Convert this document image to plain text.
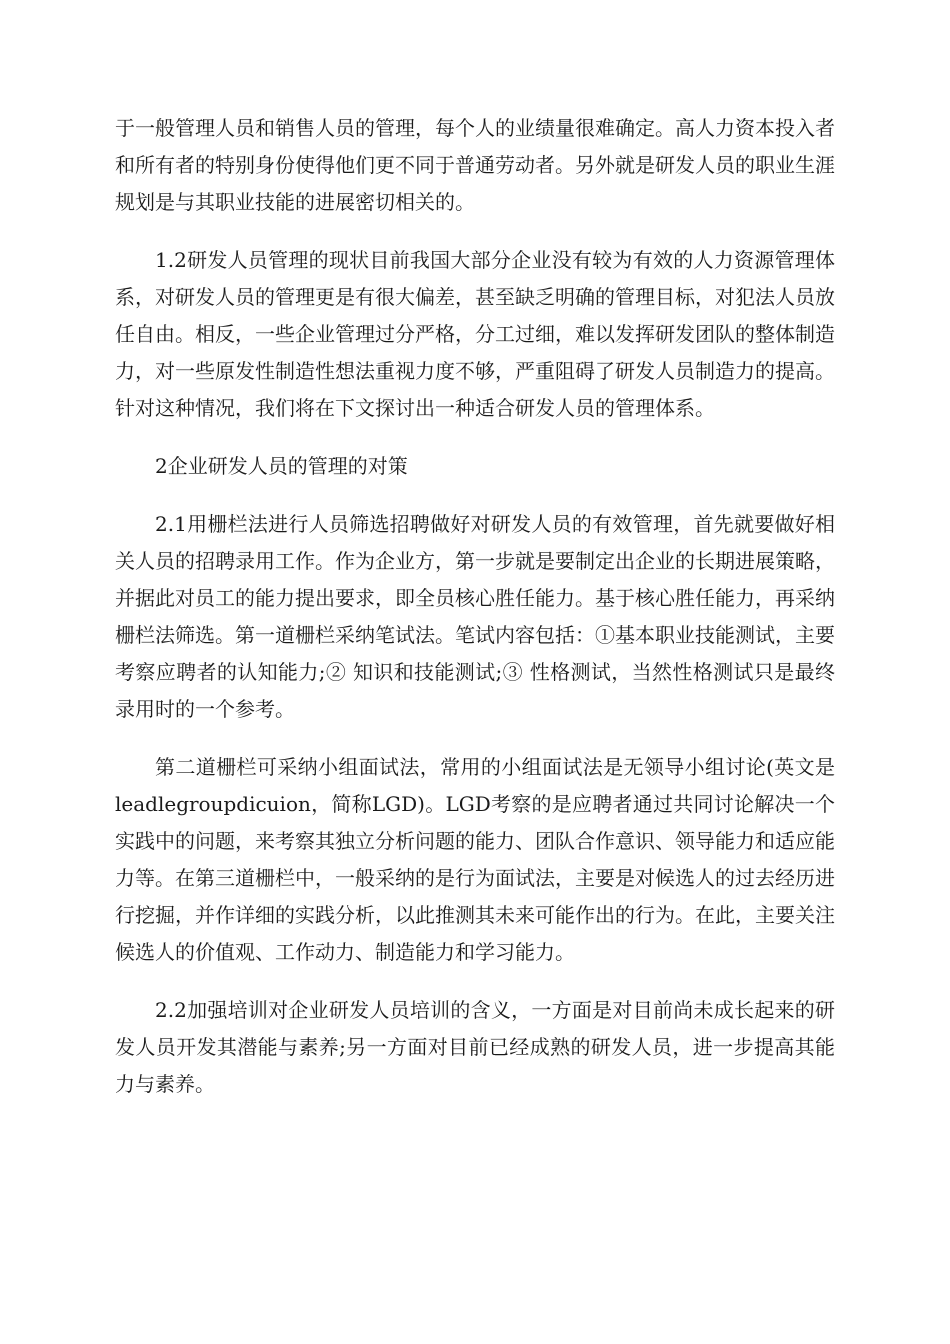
于一般管理人员和销售人员的管理，每个人的业绩量很难确定。高人力资本投入者和所有者的特别身份使得他们更不同于普通劳动者。另外就是研发人员的职业生涯规划是与其职业技能的进展密切相关的。

1.2研发人员管理的现状目前我国大部分企业没有较为有效的人力资源管理体系，对研发人员的管理更是有很大偏差，甚至缺乏明确的管理目标，对犯法人员放任自由。相反，一些企业管理过分严格，分工过细，难以发挥研发团队的整体制造力，对一些原发性制造性想法重视力度不够，严重阻碍了研发人员制造力的提高。针对这种情况，我们将在下文探讨出一种适合研发人员的管理体系。

2企业研发人员的管理的对策

2.1用栅栏法进行人员筛选招聘做好对研发人员的有效管理，首先就要做好相关人员的招聘录用工作。作为企业方，第一步就是要制定出企业的长期进展策略，并据此对员工的能力提出要求，即全员核心胜任能力。基于核心胜任能力，再采纳栅栏法筛选。第一道栅栏采纳笔试法。笔试内容包括：①基本职业技能测试，主要考察应聘者的认知能力;② 知识和技能测试;③ 性格测试，当然性格测试只是最终录用时的一个参考。

第二道栅栏可采纳小组面试法，常用的小组面试法是无领导小组讨论(英文是leadlegroupdicuion，简称LGD)。LGD考察的是应聘者通过共同讨论解决一个实践中的问题，来考察其独立分析问题的能力、团队合作意识、领导能力和适应能力等。在第三道栅栏中，一般采纳的是行为面试法，主要是对候选人的过去经历进行挖掘，并作详细的实践分析，以此推测其未来可能作出的行为。在此，主要关注候选人的价值观、工作动力、制造能力和学习能力。

2.2加强培训对企业研发人员培训的含义，一方面是对目前尚未成长起来的研发人员开发其潜能与素养;另一方面对目前已经成熟的研发人员，进一步提高其能力与素养。
